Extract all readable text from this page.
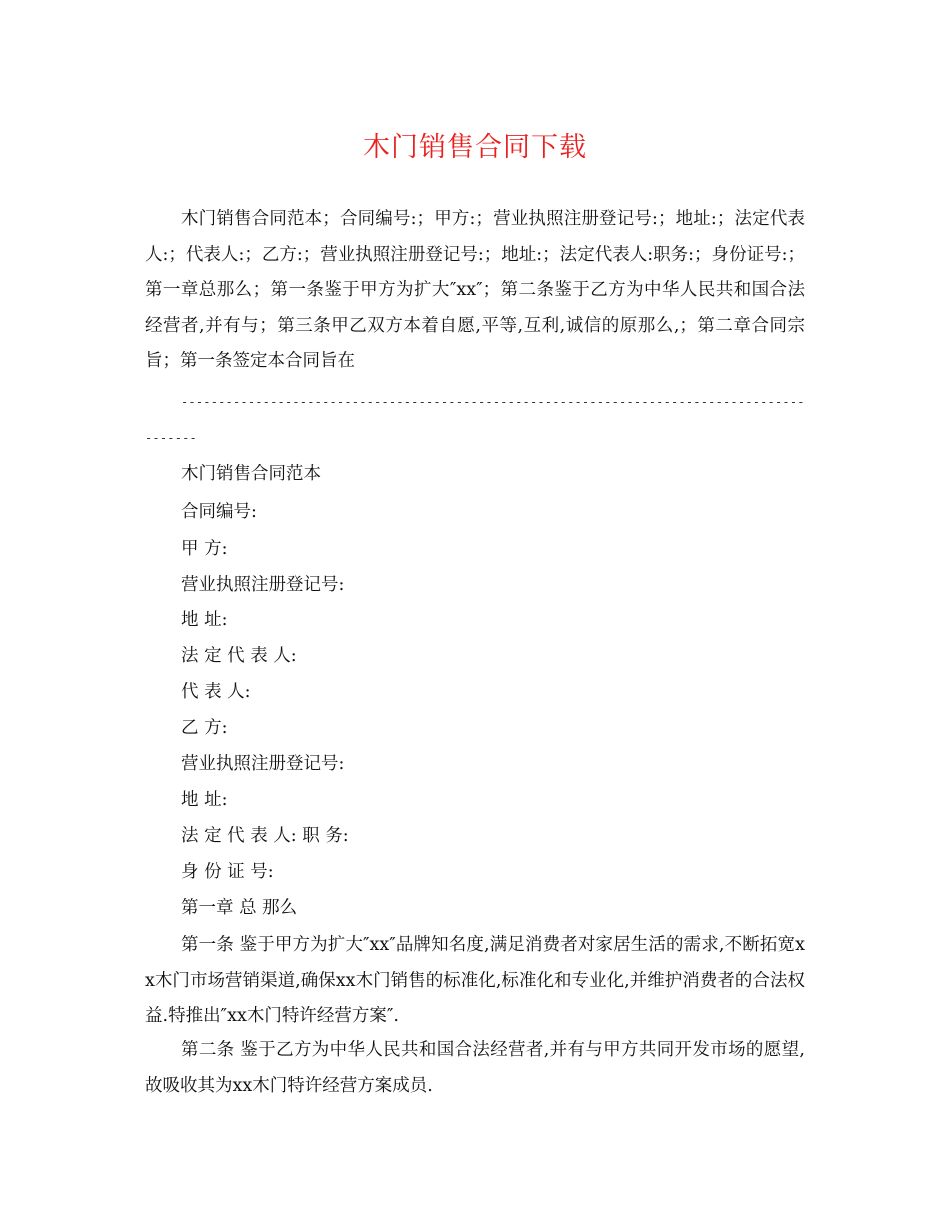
木门销售合同下载
木门销售合同范本；合同编号:；甲方:；营业执照注册登记号:；地址:；法定代表人:；代表人:；乙方:；营业执照注册登记号:；地址:；法定代表人:职务:；身份证号:；第一章总那么；第一条鉴于甲方为扩大″xx″；第二条鉴于乙方为中华人民共和国合法经营者,并有与；第三条甲乙双方本着自愿,平等,互利,诚信的原那么,；第二章合同宗旨；第一条签定本合同旨在
-------------------------------------------------------------------------------------------
木门销售合同范本
合同编号:
甲 方:
营业执照注册登记号:
地 址:
法 定 代 表 人:
代 表 人:
乙 方:
营业执照注册登记号:
地 址:
法 定 代 表 人: 职 务:
身 份 证 号:
第一章 总 那么
第一条 鉴于甲方为扩大″xx″品牌知名度,满足消费者对家居生活的需求,不断拓宽xx木门市场营销渠道,确保xx木门销售的标准化,标准化和专业化,并维护消费者的合法权益.特推出″xx木门特许经营方案″.
第二条 鉴于乙方为中华人民共和国合法经营者,并有与甲方共同开发市场的愿望,故吸收其为xx木门特许经营方案成员.
